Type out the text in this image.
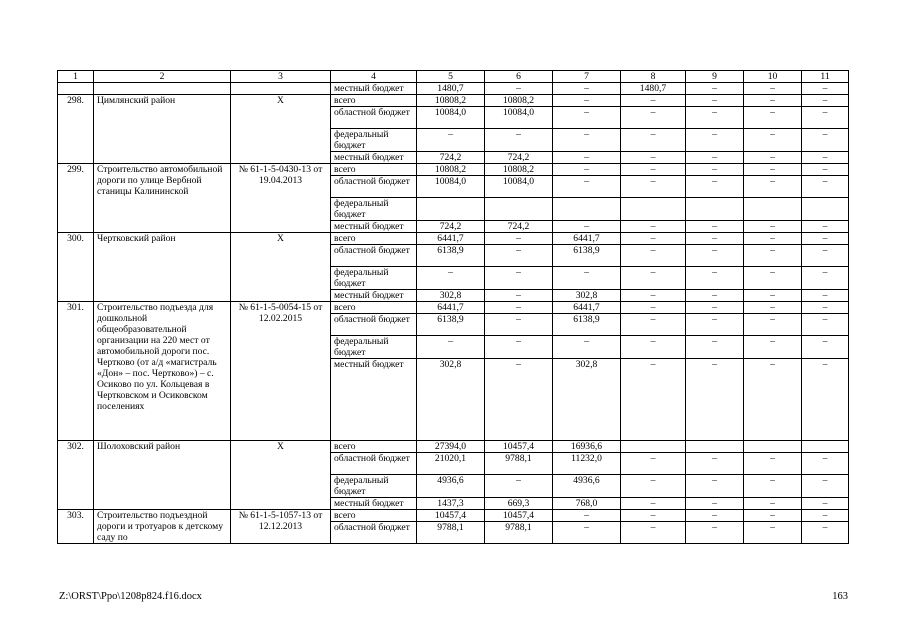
1	2	3	4	5	6	7	8	9	10	11
			местный бюджет	1480,7	–	–	1480,7	–	–	–
298.	Цимлянский район	Х	всего	10808,2	10808,2	–	–	–	–	–
			областной бюджет	10084,0	10084,0	–	–	–	–	–
			федеральный бюджет	–	–	–	–	–	–	–
			местный бюджет	724,2	724,2	–	–	–	–	–
299.	Строительство автомобильной дороги по улице Вербной станицы Калининской	№ 61-1-5-0430-13 от 19.04.2013	всего	10808,2	10808,2	–	–	–	–	–
			областной бюджет	10084,0	10084,0	–	–	–	–	–
			федеральный бюджет							
			местный бюджет	724,2	724,2	–	–	–	–	–
300.	Чертковский район	Х	всего	6441,7	–	6441,7	–	–	–	–
			областной бюджет	6138,9	–	6138,9	–	–	–	–
			федеральный бюджет	–	–	–	–	–	–	–
			местный бюджет	302,8	–	302,8	–	–	–	–
301.	Строительство подъезда для дошкольной общеобразовательной организации на 220 мест от автомобильной дороги пос. Чертково (от а/д «магистраль «Дон» – пос. Чертково») – с. Осиково по ул. Кольцевая в Чертковском и Осиковском поселениях	№ 61-1-5-0054-15 от 12.02.2015	всего	6441,7	–	6441,7	–	–	–	–
			областной бюджет	6138,9	–	6138,9	–	–	–	–
			федеральный бюджет	–	–	–	–	–	–	–
			местный бюджет	302,8	–	302,8	–	–	–	–
302.	Шолоховский район	Х	всего	27394,0	10457,4	16936,6				
			областной бюджет	21020,1	9788,1	11232,0	–	–	–	–
			федеральный бюджет	4936,6	–	4936,6	–	–	–	–
			местный бюджет	1437,3	669,3	768,0	–	–	–	–
303.	Строительство подъездной дороги и тротуаров к детскому саду по	№ 61-1-5-1057-13 от 12.12.2013	всего	10457,4	10457,4	–	–	–	–	–
			областной бюджет	9788,1	9788,1	–	–	–	–	–
Z:\ORST\Ppo\1208p824.f16.docx	163
